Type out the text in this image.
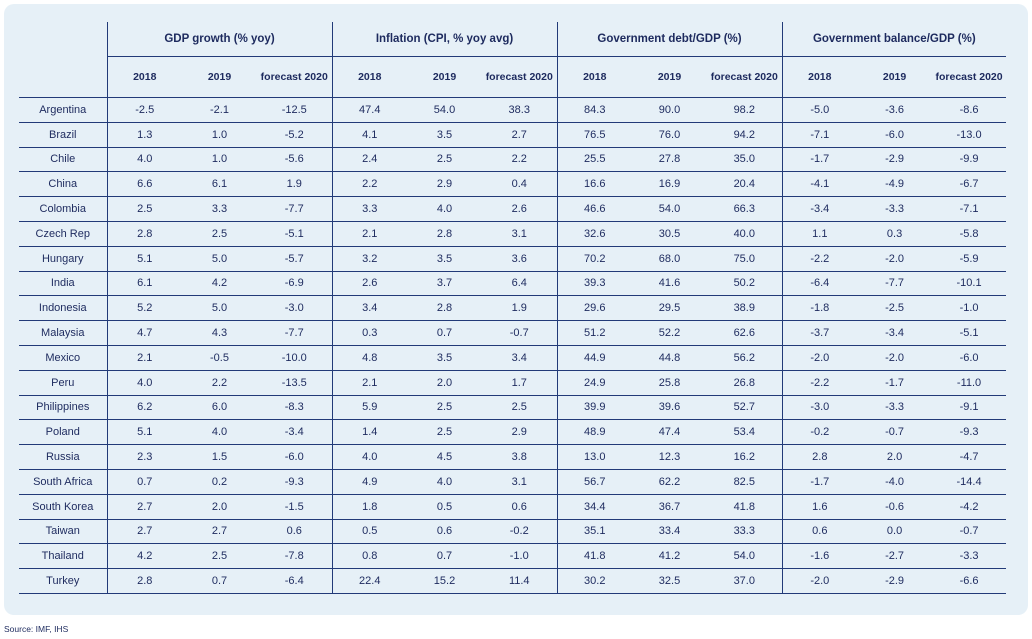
	GDP growth (% yoy)			Inflation (CPI, % yoy avg)			Government debt/GDP (%)			Government balance/GDP (%)		
	2018	2019	forecast 2020	2018	2019	forecast 2020	2018	2019	forecast 2020	2018	2019	forecast 2020
Argentina	-2.5	-2.1	-12.5	47.4	54.0	38.3	84.3	90.0	98.2	-5.0	-3.6	-8.6
Brazil	1.3	1.0	-5.2	4.1	3.5	2.7	76.5	76.0	94.2	-7.1	-6.0	-13.0
Chile	4.0	1.0	-5.6	2.4	2.5	2.2	25.5	27.8	35.0	-1.7	-2.9	-9.9
China	6.6	6.1	1.9	2.2	2.9	0.4	16.6	16.9	20.4	-4.1	-4.9	-6.7
Colombia	2.5	3.3	-7.7	3.3	4.0	2.6	46.6	54.0	66.3	-3.4	-3.3	-7.1
Czech Rep	2.8	2.5	-5.1	2.1	2.8	3.1	32.6	30.5	40.0	1.1	0.3	-5.8
Hungary	5.1	5.0	-5.7	3.2	3.5	3.6	70.2	68.0	75.0	-2.2	-2.0	-5.9
India	6.1	4.2	-6.9	2.6	3.7	6.4	39.3	41.6	50.2	-6.4	-7.7	-10.1
Indonesia	5.2	5.0	-3.0	3.4	2.8	1.9	29.6	29.5	38.9	-1.8	-2.5	-1.0
Malaysia	4.7	4.3	-7.7	0.3	0.7	-0.7	51.2	52.2	62.6	-3.7	-3.4	-5.1
Mexico	2.1	-0.5	-10.0	4.8	3.5	3.4	44.9	44.8	56.2	-2.0	-2.0	-6.0
Peru	4.0	2.2	-13.5	2.1	2.0	1.7	24.9	25.8	26.8	-2.2	-1.7	-11.0
Philippines	6.2	6.0	-8.3	5.9	2.5	2.5	39.9	39.6	52.7	-3.0	-3.3	-9.1
Poland	5.1	4.0	-3.4	1.4	2.5	2.9	48.9	47.4	53.4	-0.2	-0.7	-9.3
Russia	2.3	1.5	-6.0	4.0	4.5	3.8	13.0	12.3	16.2	2.8	2.0	-4.7
South Africa	0.7	0.2	-9.3	4.9	4.0	3.1	56.7	62.2	82.5	-1.7	-4.0	-14.4
South Korea	2.7	2.0	-1.5	1.8	0.5	0.6	34.4	36.7	41.8	1.6	-0.6	-4.2
Taiwan	2.7	2.7	0.6	0.5	0.6	-0.2	35.1	33.4	33.3	0.6	0.0	-0.7
Thailand	4.2	2.5	-7.8	0.8	0.7	-1.0	41.8	41.2	54.0	-1.6	-2.7	-3.3
Turkey	2.8	0.7	-6.4	22.4	15.2	11.4	30.2	32.5	37.0	-2.0	-2.9	-6.6
Source: IMF, IHS
